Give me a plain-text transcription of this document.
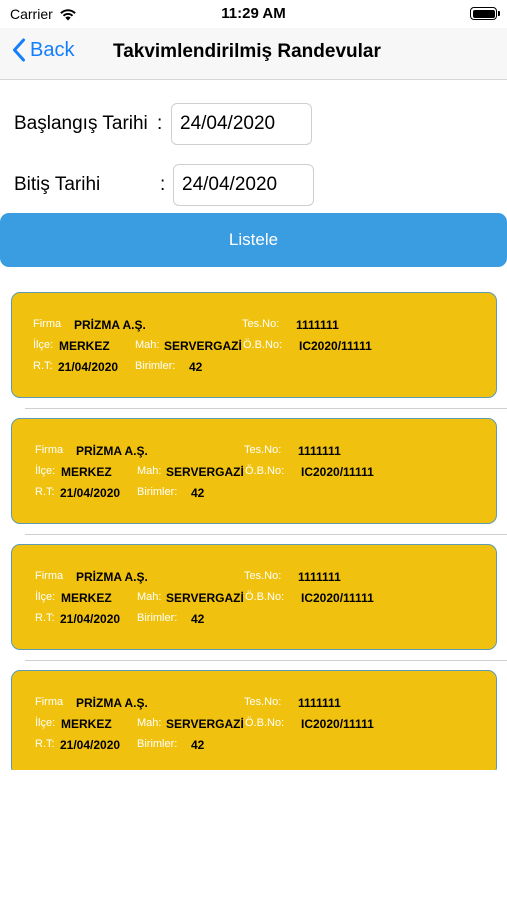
Carrier	11:29 AM
Back Takvimlendirilmiş Randevular
Başlangış Tarihi : 24/04/2020
Bitiş Tarihi	: 24/04/2020
Listele
Firma PRİZMA A.Ş.	Tes.No: 1111111
İlçe: MERKEZ Mah: SERVERGAZİ Ö.B.No: IC2020/11111
R.T: 21/04/2020 Birimler: 42
Firma PRİZMA A.Ş.	Tes.No: 1111111
İlçe: MERKEZ Mah: SERVERGAZİ Ö.B.No: IC2020/11111
R.T: 21/04/2020 Birimler: 42
Firma PRİZMA A.Ş.	Tes.No: 1111111
İlçe: MERKEZ Mah: SERVERGAZİ Ö.B.No: IC2020/11111
R.T: 21/04/2020 Birimler: 42
Firma PRİZMA A.Ş.	Tes.No: 1111111
İlçe: MERKEZ Mah: SERVERGAZİ Ö.B.No: IC2020/11111
R.T: 21/04/2020 Birimler: 42
